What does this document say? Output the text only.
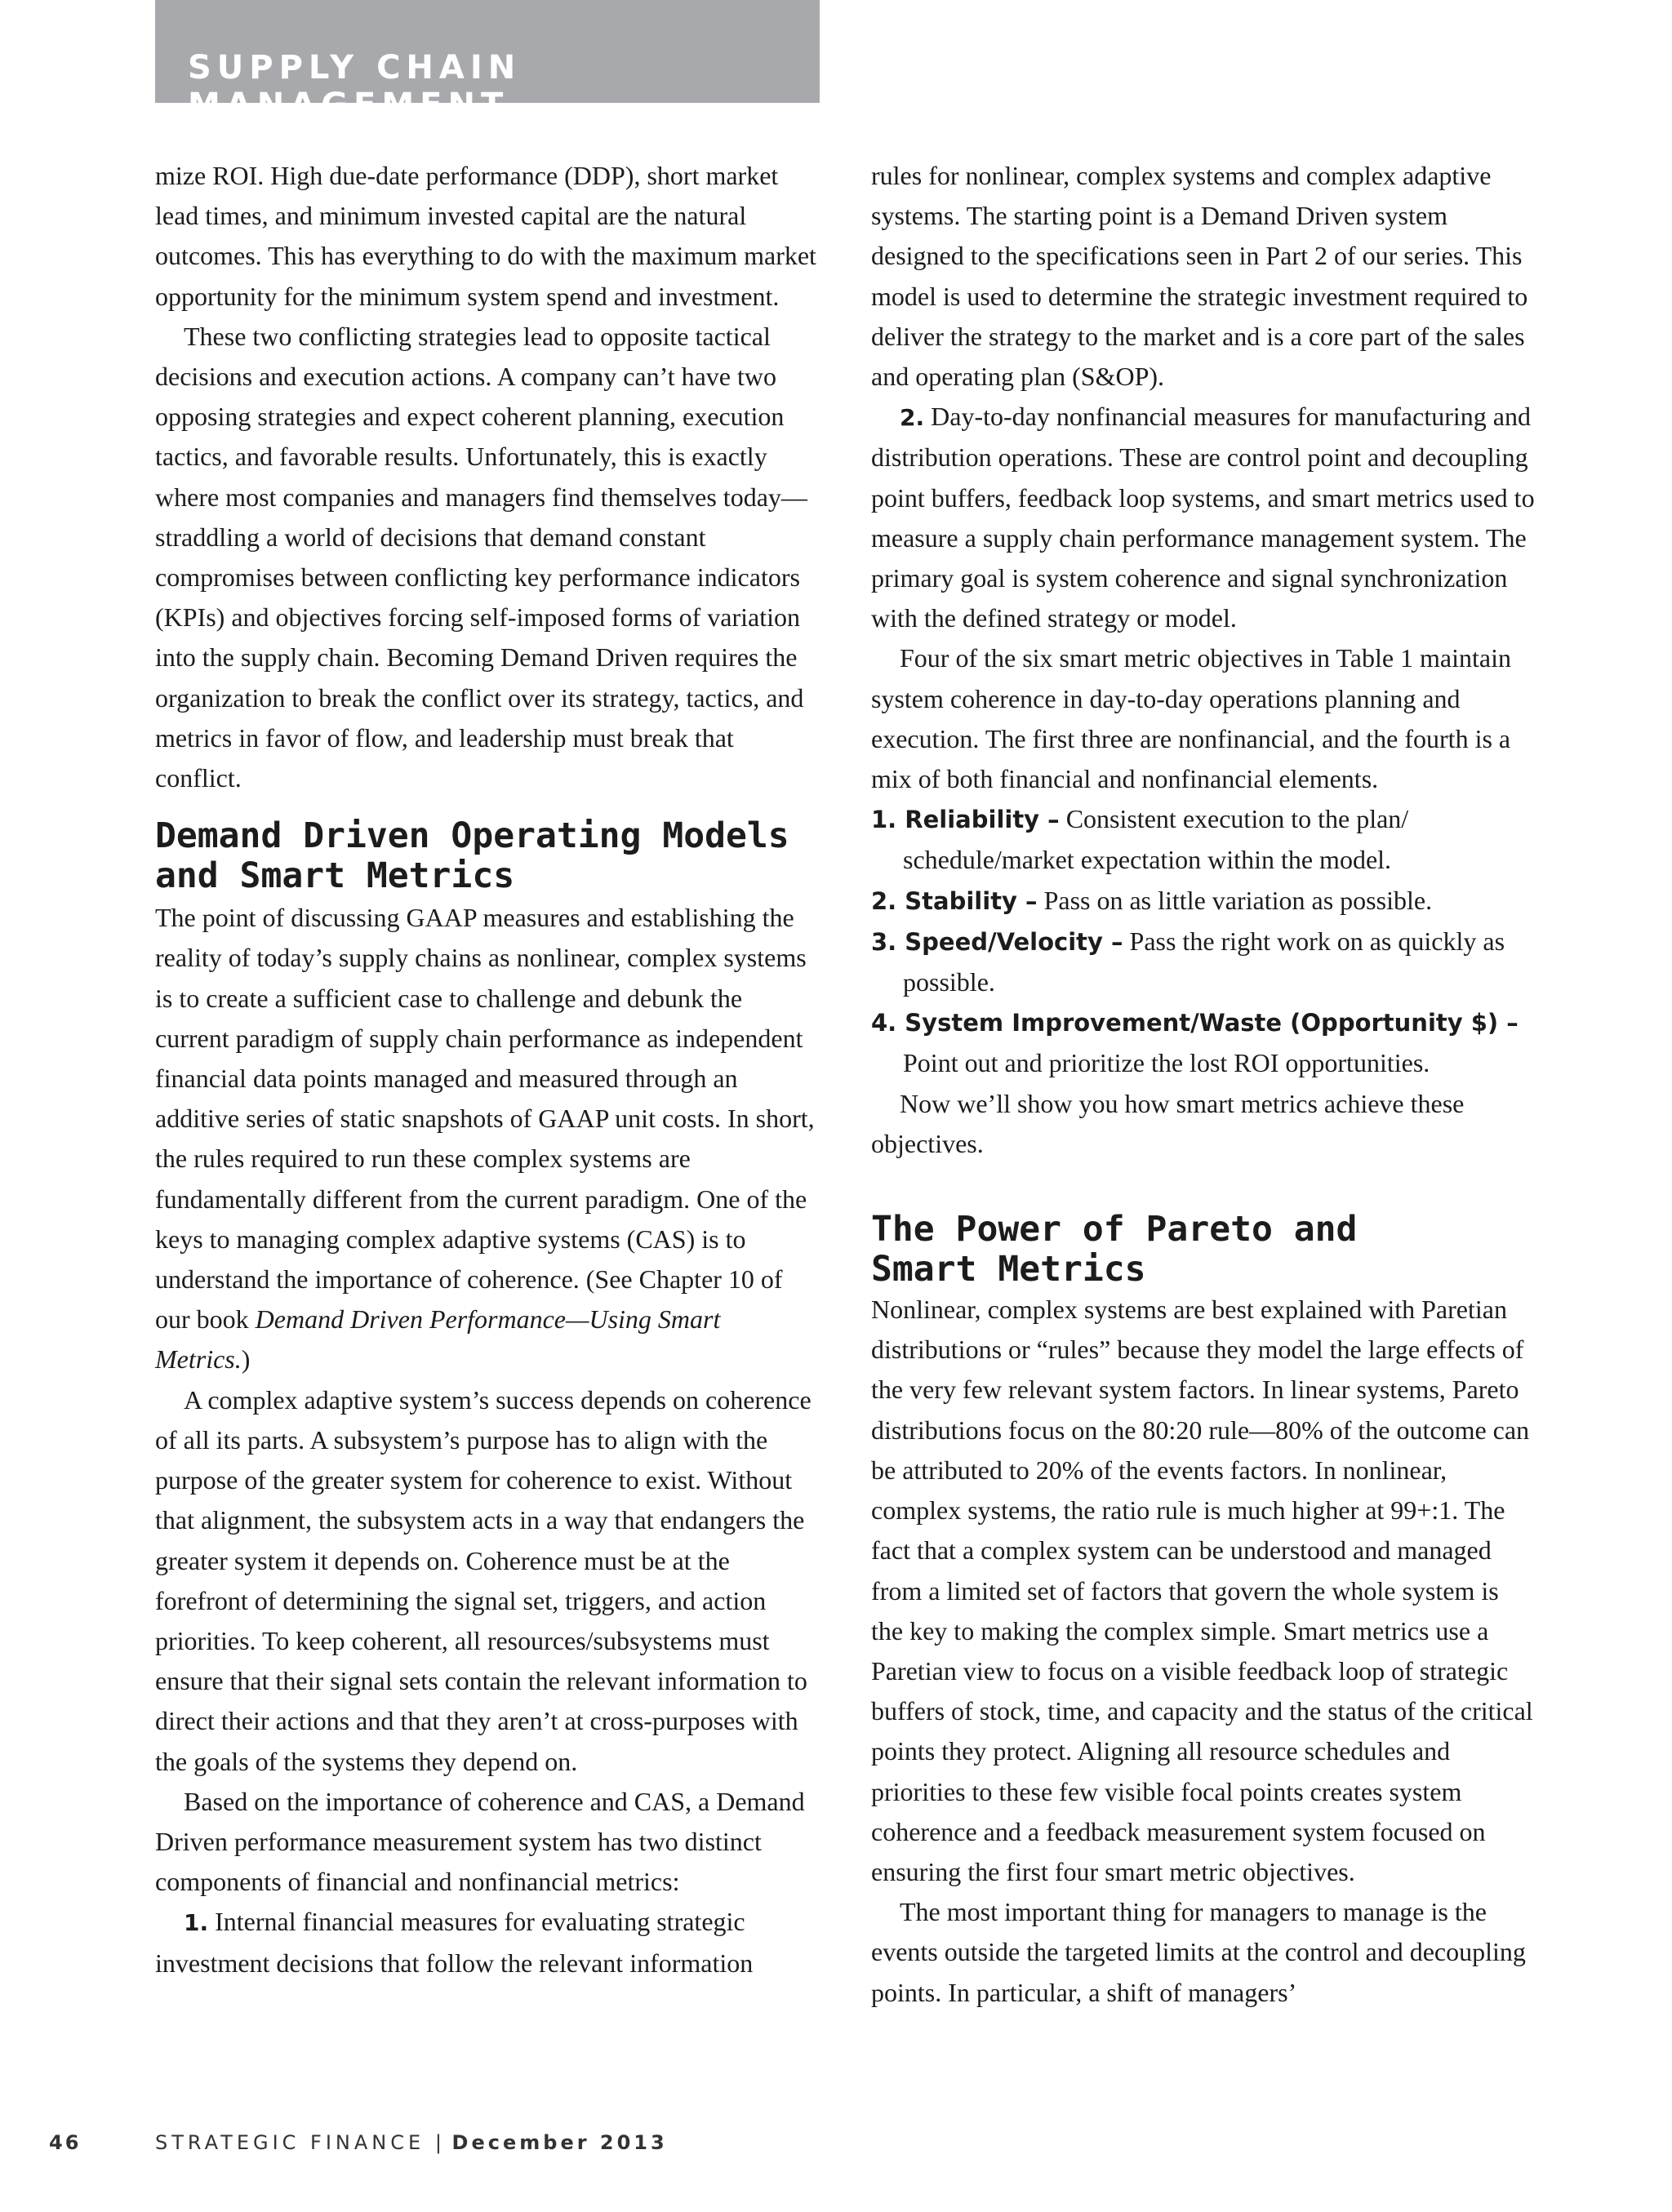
SUPPLY CHAIN MANAGEMENT

mize ROI. High due-date performance (DDP), short market lead times, and minimum invested capital are the natural outcomes. This has everything to do with the maximum market opportunity for the minimum system spend and investment.

These two conflicting strategies lead to opposite tactical decisions and execution actions. A company can’t have two opposing strategies and expect coherent planning, execution tactics, and favorable results. Unfortunately, this is exactly where most companies and managers find themselves today—straddling a world of decisions that demand constant compromises between conflicting key performance indicators (KPIs) and objectives forcing self-imposed forms of variation into the supply chain. Becoming Demand Driven requires the organization to break the conflict over its strategy, tactics, and metrics in favor of flow, and leadership must break that conflict.

Demand Driven Operating Models
and Smart Metrics

The point of discussing GAAP measures and establishing the reality of today’s supply chains as nonlinear, complex systems is to create a sufficient case to challenge and debunk the current paradigm of supply chain performance as independent financial data points managed and measured through an additive series of static snapshots of GAAP unit costs. In short, the rules required to run these complex systems are fundamentally different from the current paradigm. One of the keys to managing complex adaptive systems (CAS) is to understand the importance of coherence. (See Chapter 10 of our book Demand Driven Performance—Using Smart Metrics.)

A complex adaptive system’s success depends on coherence of all its parts. A subsystem’s purpose has to align with the purpose of the greater system for coherence to exist. Without that alignment, the subsystem acts in a way that endangers the greater system it depends on. Coherence must be at the forefront of determining the signal set, triggers, and action priorities. To keep coherent, all resources/subsystems must ensure that their signal sets contain the relevant information to direct their actions and that they aren’t at cross-purposes with the goals of the systems they depend on.

Based on the importance of coherence and CAS, a Demand Driven performance measurement system has two distinct components of financial and nonfinancial metrics:

1. Internal financial measures for evaluating strategic investment decisions that follow the relevant information

rules for nonlinear, complex systems and complex adaptive systems. The starting point is a Demand Driven system designed to the specifications seen in Part 2 of our series. This model is used to determine the strategic investment required to deliver the strategy to the market and is a core part of the sales and operating plan (S&OP).

2. Day-to-day nonfinancial measures for manufacturing and distribution operations. These are control point and decoupling point buffers, feedback loop systems, and smart metrics used to measure a supply chain performance management system. The primary goal is system coherence and signal synchronization with the defined strategy or model.

Four of the six smart metric objectives in Table 1 maintain system coherence in day-to-day operations planning and execution. The first three are nonfinancial, and the fourth is a mix of both financial and nonfinancial elements.

1. Reliability – Consistent execution to the plan/ schedule/market expectation within the model.
2. Stability – Pass on as little variation as possible.
3. Speed/Velocity – Pass the right work on as quickly as possible.
4. System Improvement/Waste (Opportunity $) – Point out and prioritize the lost ROI opportunities.

Now we’ll show you how smart metrics achieve these objectives.

The Power of Pareto and
Smart Metrics

Nonlinear, complex systems are best explained with Paretian distributions or “rules” because they model the large effects of the very few relevant system factors. In linear systems, Pareto distributions focus on the 80:20 rule—80% of the outcome can be attributed to 20% of the events factors. In nonlinear, complex systems, the ratio rule is much higher at 99+:1. The fact that a complex system can be understood and managed from a limited set of factors that govern the whole system is the key to making the complex simple. Smart metrics use a Paretian view to focus on a visible feedback loop of strategic buffers of stock, time, and capacity and the status of the critical points they protect. Aligning all resource schedules and priorities to these few visible focal points creates system coherence and a feedback measurement system focused on ensuring the first four smart metric objectives.

The most important thing for managers to manage is the events outside the targeted limits at the control and decoupling points. In particular, a shift of managers’

46	STRATEGIC FINANCE | December 2013
